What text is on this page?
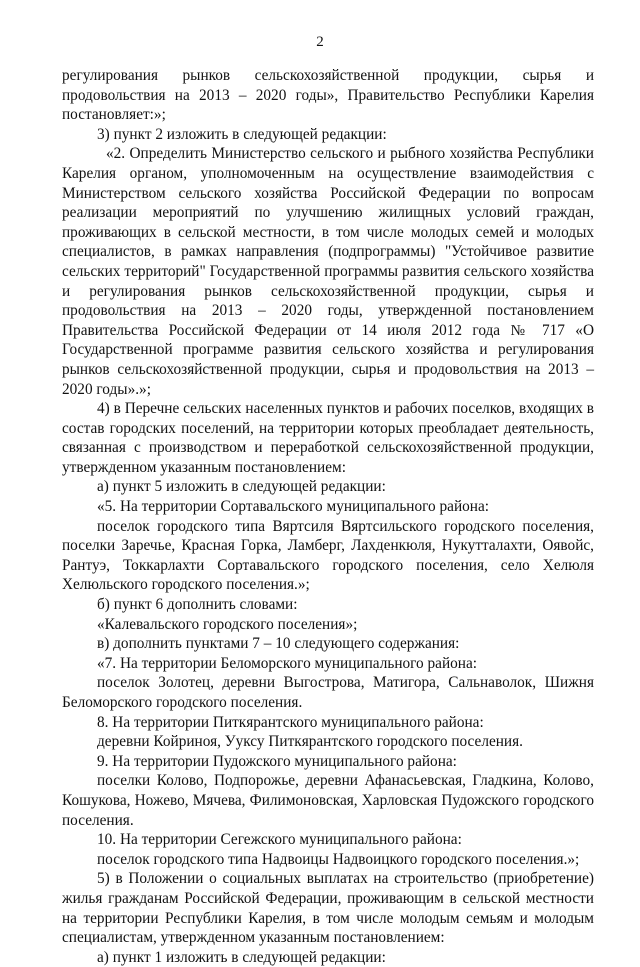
2

регулирования рынков сельскохозяйственной продукции, сырья и продовольствия на 2013 – 2020 годы», Правительство Республики Карелия постановляет:»;

3) пункт 2 изложить в следующей редакции:

«2. Определить Министерство сельского и рыбного хозяйства Республики Карелия органом, уполномоченным на осуществление взаимодействия с Министерством сельского хозяйства Российской Федерации по вопросам реализации мероприятий по улучшению жилищных условий граждан, проживающих в сельской местности, в том числе молодых семей и молодых специалистов, в рамках направления (подпрограммы) "Устойчивое развитие сельских территорий" Государственной программы развития сельского хозяйства и регулирования рынков сельскохозяйственной продукции, сырья и продовольствия на 2013 – 2020 годы, утвержденной постановлением Правительства Российской Федерации от 14 июля 2012 года № 717 «О Государственной программе развития сельского хозяйства и регулирования рынков сельскохозяйственной продукции, сырья и продовольствия на 2013 – 2020 годы».»;

4) в Перечне сельских населенных пунктов и рабочих поселков, входящих в состав городских поселений, на территории которых преобладает деятельность, связанная с производством и переработкой сельскохозяйственной продукции, утвержденном указанным постановлением:

а) пункт 5 изложить в следующей редакции:

«5. На территории Сортавальского муниципального района:

поселок городского типа Вяртсиля Вяртсильского городского поселения, поселки Заречье, Красная Горка, Ламберг, Лахденкюля, Нукутталахти, Оявойс, Рантуэ, Токкарлахти Сортавальского городского поселения, село Хелюля Хелюльского городского поселения.»;

б) пункт 6 дополнить словами:

«Калевальского городского поселения»;

в) дополнить пунктами 7 – 10 следующего содержания:

«7. На территории Беломорского муниципального района:

поселок Золотец, деревни Выгострова, Матигора, Сальнаволок, Шижня Беломорского городского поселения.

8. На территории Питкярантского муниципального района:

деревни Койриноя, Ууксу Питкярантского городского поселения.

9. На территории Пудожского муниципального района:

поселки Колово, Подпорожье, деревни Афанасьевская, Гладкина, Колово, Кошукова, Ножево, Мячева, Филимоновская, Харловская Пудожского городского поселения.

10. На территории Сегежского муниципального района:

поселок городского типа Надвоицы Надвоицкого городского поселения.»;

5) в Положении о социальных выплатах на строительство (приобретение) жилья гражданам Российской Федерации, проживающим в сельской местности на территории Республики Карелия, в том числе молодым семьям и молодым специалистам, утвержденном указанным постановлением:

а) пункт 1 изложить в следующей редакции:
